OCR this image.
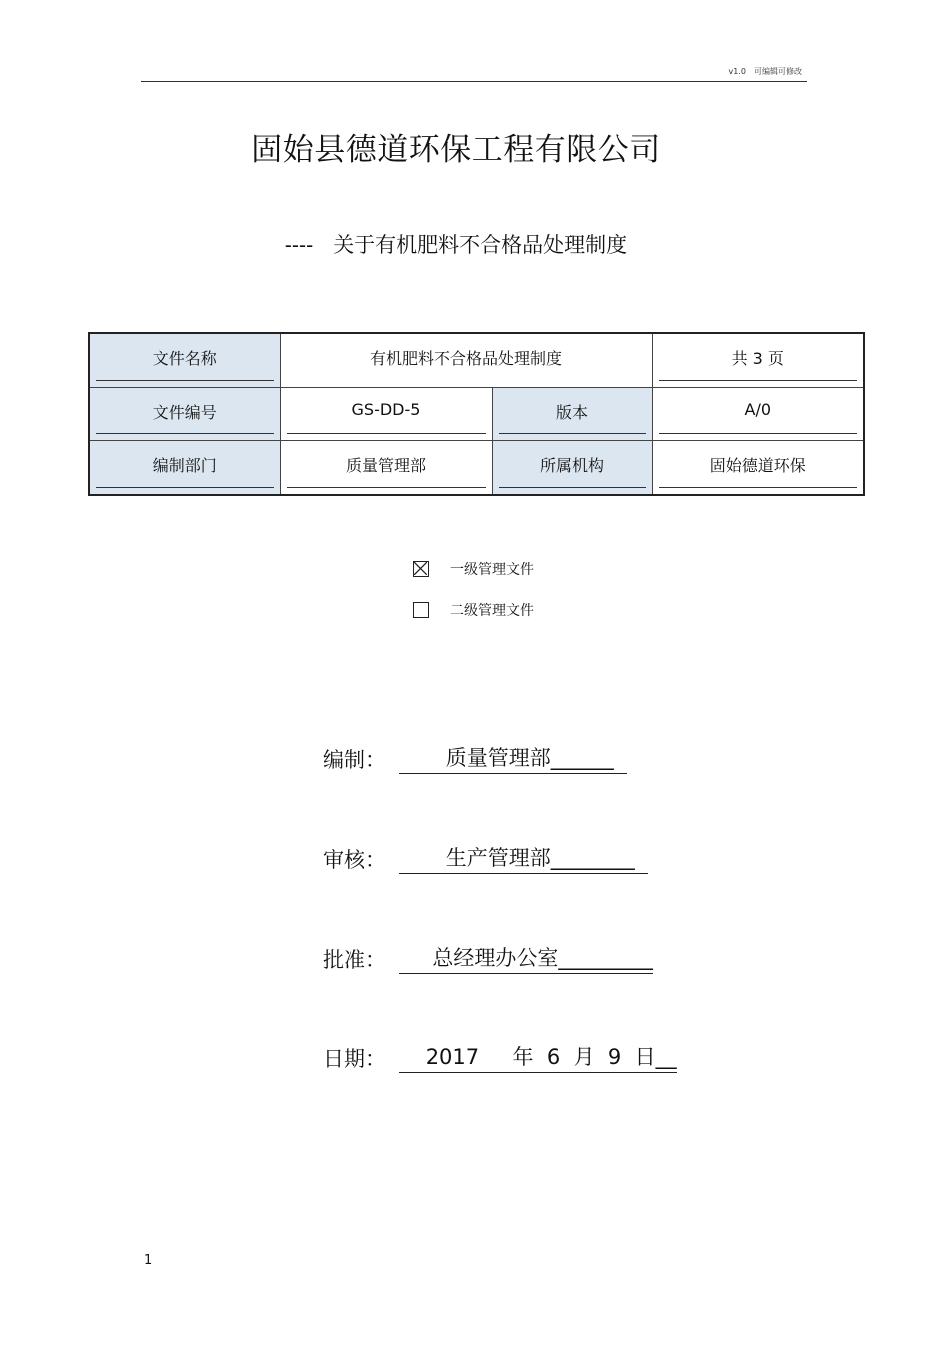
v1.0　可编辑可修改
固始县德道环保工程有限公司
---- 关于有机肥料不合格品处理制度
文件名称	有机肥料不合格品处理制度		共 3 页

文件编号	GS-DD-5	版本	A/0

编制部门	质量管理部	所属机构	固始德道环保
一级管理文件
二级管理文件
编制： 质量管理部______
审核： 生产管理部________
批准： 总经理办公室_________
日期： 2017     年  6  月  9  日__
1
